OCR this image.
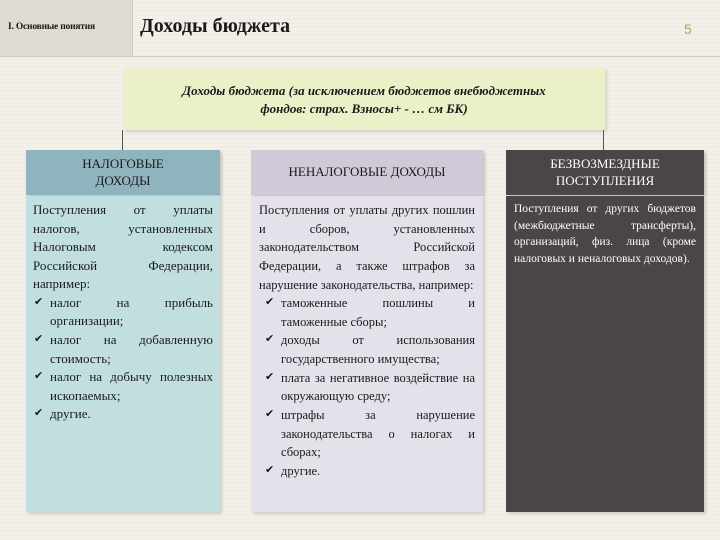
I. Основные понятия	Доходы бюджета	5
Доходы бюджета (за исключением бюджетов внебюджетных
фондов: страх. Взносы+ - … см БК)
НАЛОГОВЫЕ
ДОХОДЫ

Поступления от уплаты налогов, установленных Налоговым кодексом Российской Федерации, например:

✔ налог на прибыль организации;
✔ налог на добавленную стоимость;
✔ налог на добычу полезных ископаемых;
✔ другие.
НЕНАЛОГОВЫЕ ДОХОДЫ

Поступления от уплаты других пошлин и сборов, установленных законодательством Российской Федерации, а также штрафов за нарушение законодательства, например:

✔ таможенные пошлины и таможенные сборы;
✔ доходы от использования государственного имущества;
✔ плата за негативное воздействие на окружающую среду;
✔ штрафы за нарушение законодательства о налогах и сборах;
✔ другие.
БЕЗВОЗМЕЗДНЫЕ
ПОСТУПЛЕНИЯ

Поступления от других бюджетов (межбюджетные трансферты), организаций, физ. лица (кроме налоговых и неналоговых доходов).
